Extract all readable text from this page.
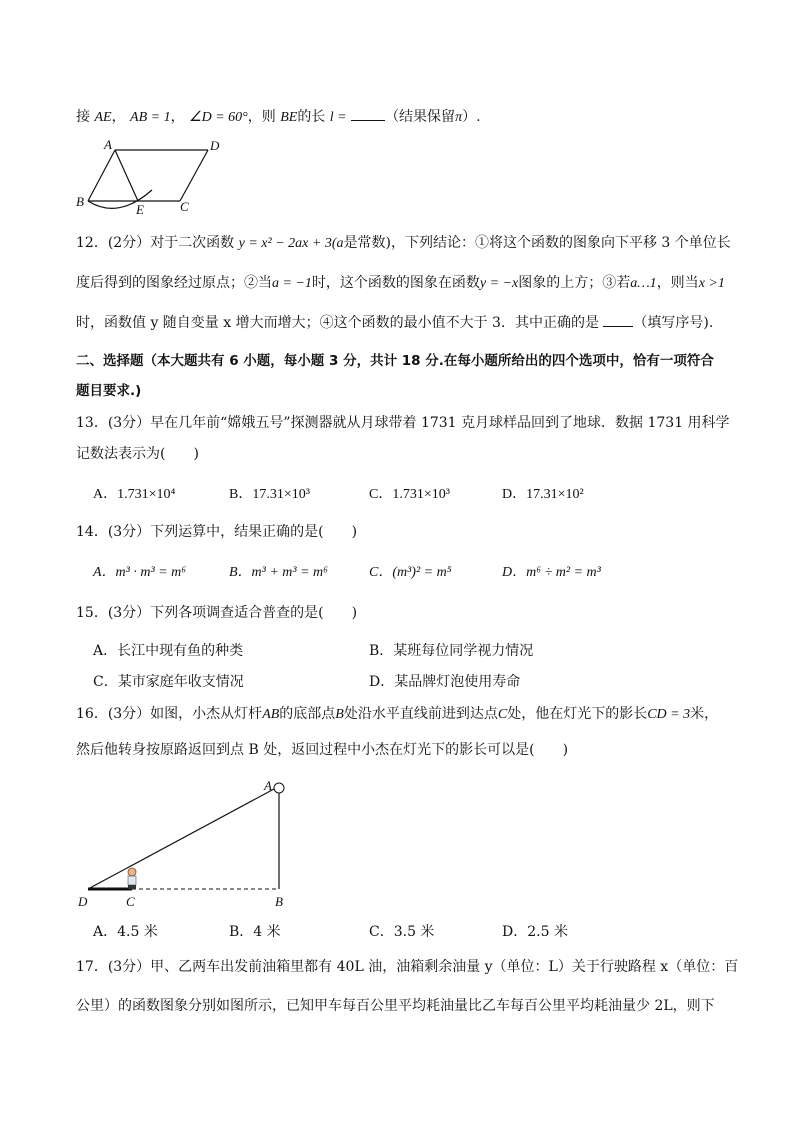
接 AE， AB = 1， ∠D = 60°，则 BE的长 l =	（结果保留π）.
A	D
B
E	C
12．(2分）对于二次函数 y = x² − 2ax + 3(a是常数)，下列结论：①将这个函数的图象向下平移 3 个单位长
度后得到的图象经过原点；②当a = −1时，这个函数的图象在函数y = −x图象的上方；③若a…1，则当x >1
时，函数值 y 随自变量 x 增大而增大；④这个函数的最小值不大于 3．其中正确的是 （填写序号).
二、选择题（本大题共有 6 小题，每小题 3 分，共计 18 分.在每小题所给出的四个选项中，恰有一项符合
题目要求.)
13．(3分）早在几年前“嫦娥五号”探测器就从月球带着 1731 克月球样品回到了地球．数据 1731 用科学
记数法表示为(　　)
A．1.731×10⁴	B．17.31×10³	C．1.731×10³	D．17.31×10²
14．(3分）下列运算中，结果正确的是(　　)
A．m³ · m³ = m⁶	B．m³ + m³ = m⁶	C．(m³)² = m⁵	D．m⁶ ÷ m² = m³
15．(3分）下列各项调查适合普查的是(　　)
A．长江中现有鱼的种类	B．某班每位同学视力情况
C．某市家庭年收支情况	D．某品牌灯泡使用寿命
16．(3分）如图，小杰从灯杆AB的底部点B处沿水平直线前进到达点C处，他在灯光下的影长CD = 3米，
然后他转身按原路返回到点 B 处，返回过程中小杰在灯光下的影长可以是(　　)
A
D	C	B
A．4.5 米	B．4 米	C．3.5 米	D．2.5 米
17．(3分）甲、乙两车出发前油箱里都有 40L 油，油箱剩余油量 y（单位：L）关于行驶路程 x（单位：百
公里）的函数图象分别如图所示，已知甲车每百公里平均耗油量比乙车每百公里平均耗油量少 2L，则下
